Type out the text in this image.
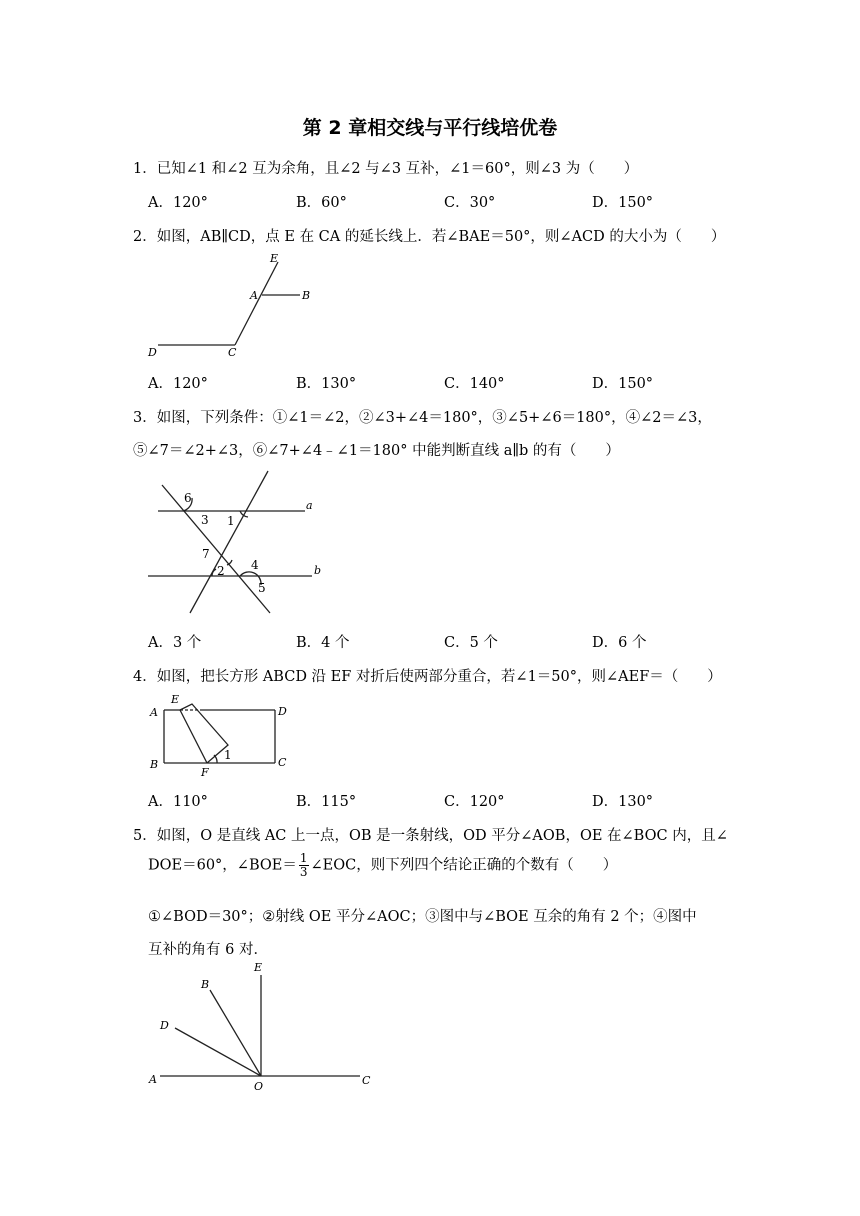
第 2 章相交线与平行线培优卷
1．已知∠1 和∠2 互为余角，且∠2 与∠3 互补，∠1＝60°，则∠3 为（　　）
A．120°	B．60°	C．30°	D．150°
2．如图，AB∥CD，点 E 在 CA 的延长线上．若∠BAE＝50°，则∠ACD 的大小为（　　）
E
A	B
D	C
A．120°	B．130°	C．140°	D．150°
3．如图，下列条件：①∠1＝∠2，②∠3+∠4＝180°，③∠5+∠6＝180°，④∠2＝∠3，
⑤∠7＝∠2+∠3，⑥∠7+∠4﹣∠1＝180° 中能判断直线 a∥b 的有（　　）
6
3 1
a
7
2 4	b
5
A．3 个	B．4 个	C．5 个	D．6 个
4．如图，把长方形 ABCD 沿 EF 对折后使两部分重合，若∠1＝50°，则∠AEF＝（　　）
E
A	D
B
F
1
C
A．110°	B．115°	C．120°	D．130°
5．如图，O 是直线 AC 上一点，OB 是一条射线，OD 平分∠AOB，OE 在∠BOC 内，且∠
DOE＝60°，∠BOE＝ $\frac{1}{3}$ ∠EOC，则下列四个结论正确的个数有（　　）
①∠BOD＝30°；②射线 OE 平分∠AOC；③图中与∠BOE 互余的角有 2 个；④图中
互补的角有 6 对．
E
B
D
A
O	C
